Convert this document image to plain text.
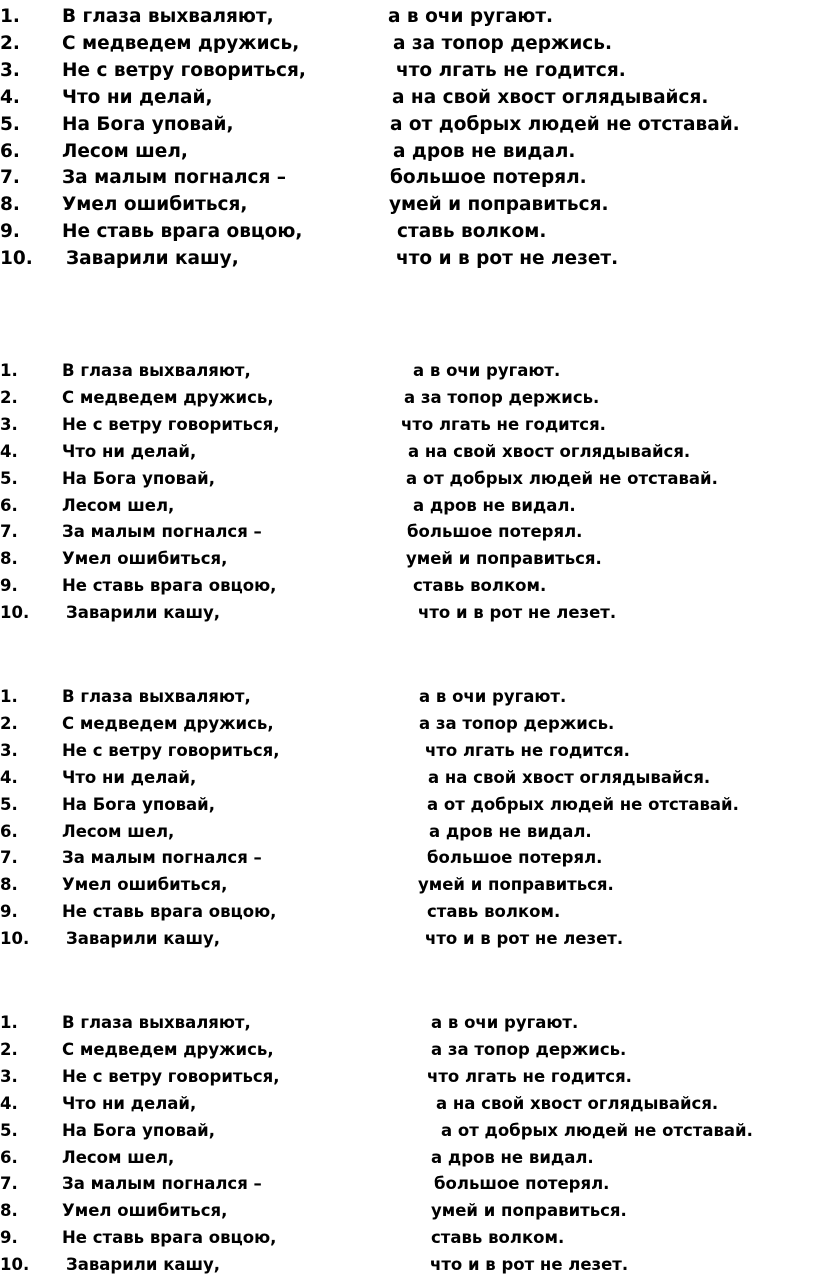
1. В глаза выхваляют,	а в очи ругают.
2. С медведем дружись,	а за топор держись.
3. Не с ветру говориться,	что лгать не годится.
4. Что ни делай,	а на свой хвост оглядывайся.
5. На Бога уповай,	а от добрых людей не отставай.
6. Лесом шел,	а дров не видал.
7. За малым погнался –	большое потерял.
8. Умел ошибиться,	умей и поправиться.
9. Не ставь врага овцою,	ставь волком.
10. Заварили кашу,	что и в рот не лезет.
1.	В глаза выхваляют,	а в очи ругают.
2.	С медведем дружись,	а за топор держись.
3.	Не с ветру говориться,	что лгать не годится.
4.	Что ни делай,	а на свой хвост оглядывайся.
5.	На Бога уповай,	а от добрых людей не отставай.
6.	Лесом шел,	а дров не видал.
7.	За малым погнался –	большое потерял.
8.	Умел ошибиться,	умей и поправиться.
9.	Не ставь врага овцою,	ставь волком.
10. Заварили кашу,	что и в рот не лезет.
1.	В глаза выхваляют,	а в очи ругают.
2.	С медведем дружись,	а за топор держись.
3.	Не с ветру говориться,	что лгать не годится.
4.	Что ни делай,	а на свой хвост оглядывайся.
5.	На Бога уповай,	а от добрых людей не отставай.
6.	Лесом шел,	а дров не видал.
7.	За малым погнался –	большое потерял.
8.	Умел ошибиться,	умей и поправиться.
9.	Не ставь врага овцою,	ставь волком.
10. Заварили кашу,	что и в рот не лезет.
1.	В глаза выхваляют,	а в очи ругают.
2.	С медведем дружись,	а за топор держись.
3.	Не с ветру говориться,	что лгать не годится.
4.	Что ни делай,	а на свой хвост оглядывайся.
5.	На Бога уповай,	а от добрых людей не отставай.
6.	Лесом шел,	а дров не видал.
7.	За малым погнался –	большое потерял.
8.	Умел ошибиться,	умей и поправиться.
9.	Не ставь врага овцою,	ставь волком.
10. Заварили кашу,	что и в рот не лезет.
